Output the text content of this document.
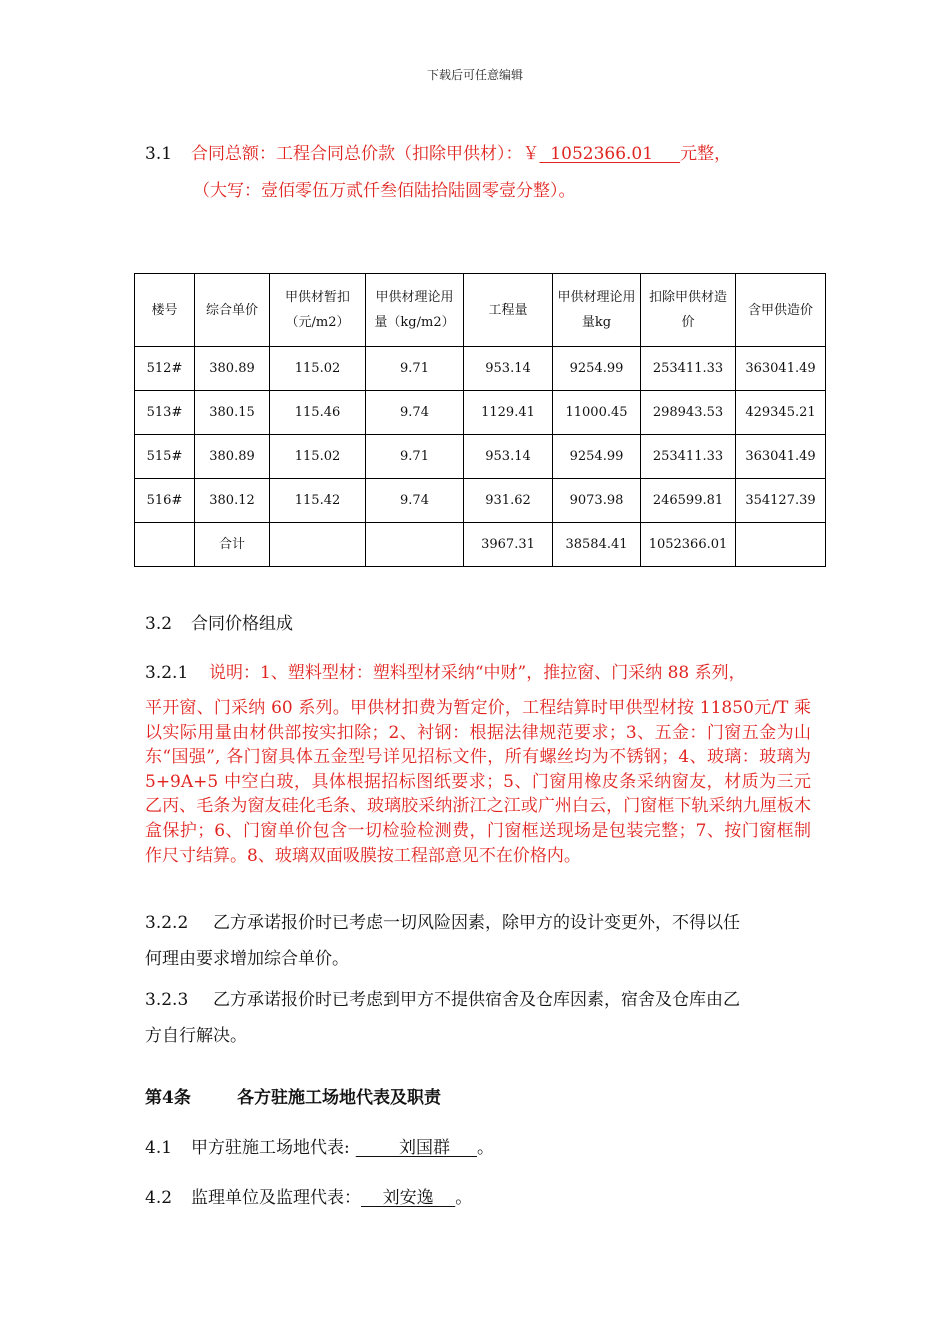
下载后可任意编辑
3.1 合同总额：工程合同总价款（扣除甲供材）：￥  1052366.01     元整，
（大写：壹佰零伍万贰仟叁佰陆拾陆圆零壹分整）。
楼号	综合单价	甲供材暂扣（元/m2）	甲供材理论用量（kg/m2）	工程量	甲供材理论用量kg	扣除甲供材造价	含甲供造价
512#	380.89	115.02	9.71	953.14	9254.99	253411.33	363041.49
513#	380.15	115.46	9.74	1129.41	11000.45	298943.53	429345.21
515#	380.89	115.02	9.71	953.14	9254.99	253411.33	363041.49
516#	380.12	115.42	9.74	931.62	9073.98	246599.81	354127.39
	合计			3967.31	38584.41	1052366.01	
3.2 合同价格组成
3.2.1 说明：1、塑料型材：塑料型材采纳“中财”，推拉窗、门采纳 88 系列，
平开窗、门采纳 60 系列。甲供材扣费为暂定价，工程结算时甲供型材按 11850元/T 乘以实际用量由材供部按实扣除；2、衬钢：根据法律规范要求；3、五金：门窗五金为山东“国强”, 各门窗具体五金型号详见招标文件，所有螺丝均为不锈钢；4、玻璃：玻璃为 5+9A+5 中空白玻，具体根据招标图纸要求；5、门窗用橡皮条采纳窗友，材质为三元乙丙、毛条为窗友硅化毛条、玻璃胶采纳浙江之江或广州白云，门窗框下轨采纳九厘板木盒保护；6、门窗单价包含一切检验检测费，门窗框送现场是包装完整；7、按门窗框制作尺寸结算。8、玻璃双面吸膜按工程部意见不在价格内。
3.2.2 乙方承诺报价时已考虑一切风险因素，除甲方的设计变更外，不得以任
何理由要求增加综合单价。
3.2.3 乙方承诺报价时已考虑到甲方不提供宿舍及仓库因素，宿舍及仓库由乙
方自行解决。
第4条	各方驻施工场地代表及职责
4.1 甲方驻施工场地代表:        刘国群     。
4.2 监理单位及监理代表：    刘安逸    。
